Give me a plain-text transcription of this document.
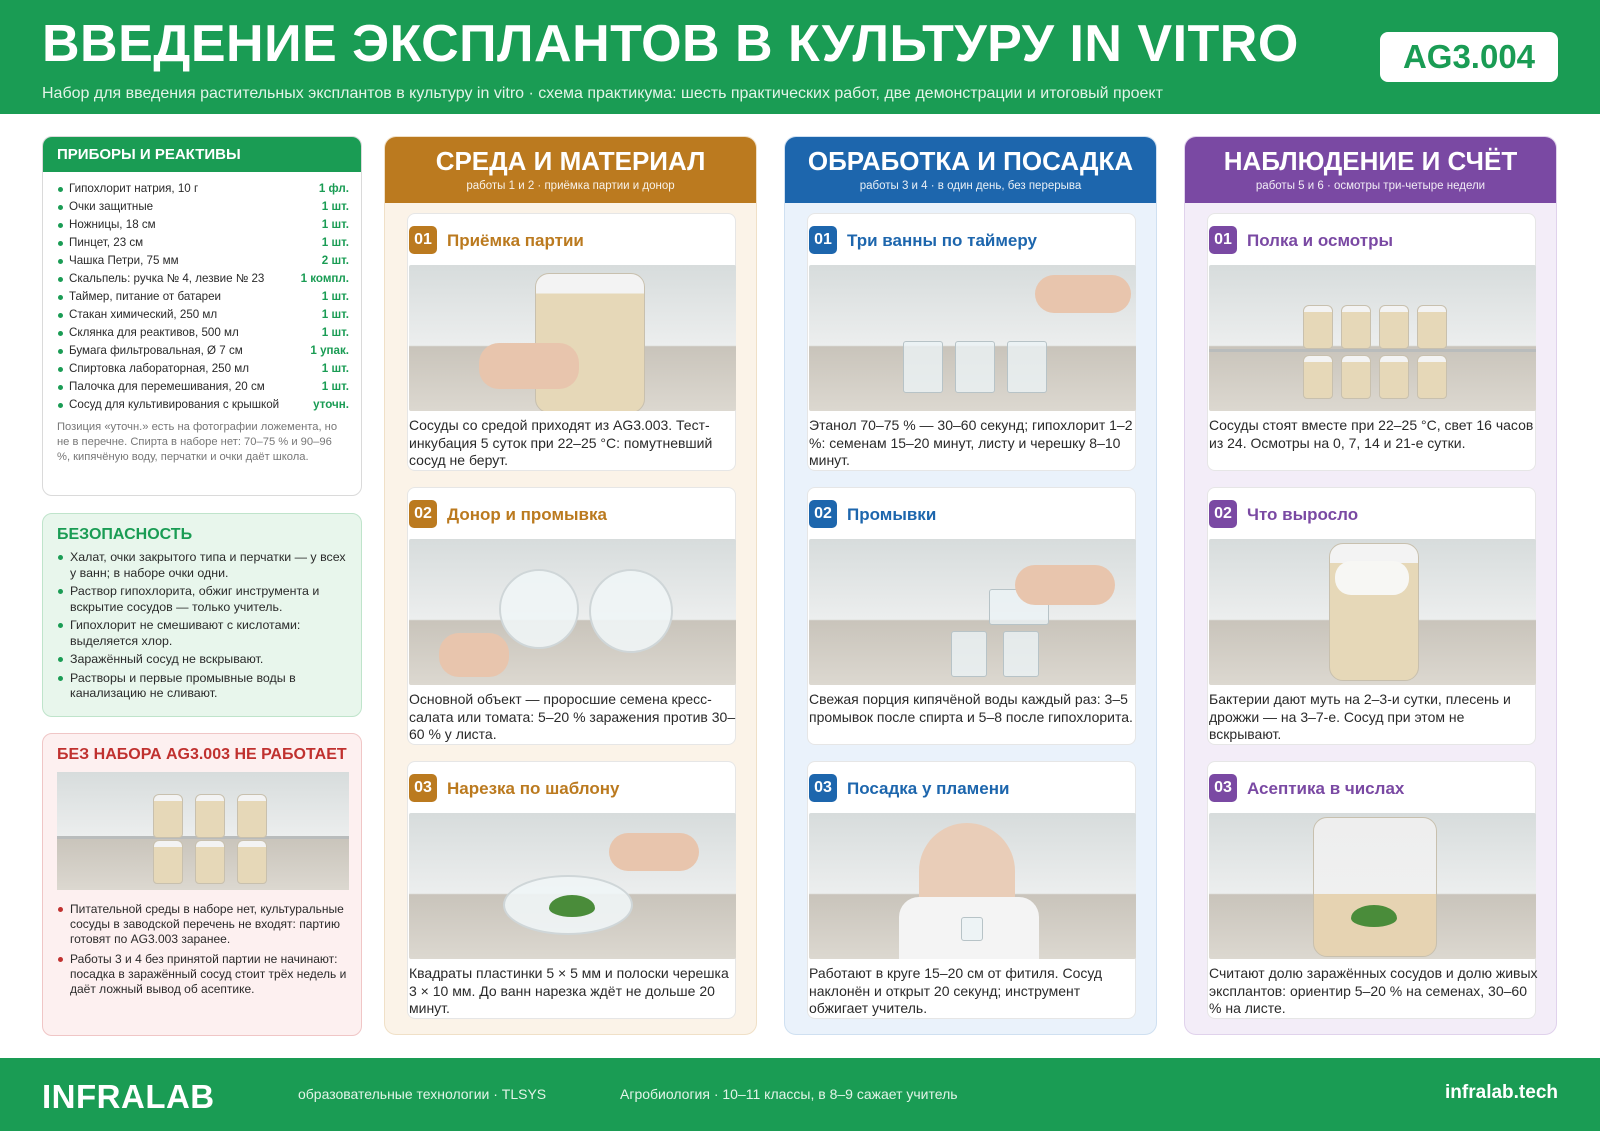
ВВЕДЕНИЕ ЭКСПЛАНТОВ В КУЛЬТУРУ IN VITRO
Набор для введения растительных эксплантов в культуру in vitro · схема практикума: шесть практических работ, две демонстрации и итоговый проект
AG3.004
ПРИБОРЫ И РЕАКТИВЫ
Гипохлорит натрия, 10 г	1 фл.
Очки защитные	1 шт.
Ножницы, 18 см	1 шт.
Пинцет, 23 см	1 шт.
Чашка Петри, 75 мм	2 шт.
Скальпель: ручка № 4, лезвие № 23	1 компл.
Таймер, питание от батареи	1 шт.
Стакан химический, 250 мл	1 шт.
Склянка для реактивов, 500 мл	1 шт.
Бумага фильтровальная, Ø 7 см	1 упак.
Спиртовка лабораторная, 250 мл	1 шт.
Палочка для перемешивания, 20 см	1 шт.
Сосуд для культивирования с крышкой	уточн.
Позиция «уточн.» есть на фотографии ложемента, но не в перечне. Спирта в наборе нет: 70–75 % и 90–96 %, кипячёную воду, перчатки и очки даёт школа.
БЕЗОПАСНОСТЬ
Халат, очки закрытого типа и перчатки — у всех у ванн; в наборе очки одни.
Раствор гипохлорита, обжиг инструмента и вскрытие сосудов — только учитель.
Гипохлорит не смешивают с кислотами: выделяется хлор.
Заражённый сосуд не вскрывают.
Растворы и первые промывные воды в канализацию не сливают.
БЕЗ НАБОРА AG3.003 НЕ РАБОТАЕТ
Питательной среды в наборе нет, культуральные сосуды в заводской перечень не входят: партию готовят по AG3.003 заранее.
Работы 3 и 4 без принятой партии не начинают: посадка в заражённый сосуд стоит трёх недель и даёт ложный вывод об асептике.
СРЕДА И МАТЕРИАЛ
работы 1 и 2 · приёмка партии и донор
01 Приёмка партии
Сосуды со средой приходят из AG3.003. Тест-инкубация 5 суток при 22–25 °С: помутневший сосуд не берут.
02 Донор и промывка
Основной объект — проросшие семена кресс-салата или томата: 5–20 % заражения против 30–60 % у листа.
03 Нарезка по шаблону
Квадраты пластинки 5 × 5 мм и полоски черешка 3 × 10 мм. До ванн нарезка ждёт не дольше 20 минут.
ОБРАБОТКА И ПОСАДКА
работы 3 и 4 · в один день, без перерыва
01 Три ванны по таймеру
Этанол 70–75 % — 30–60 секунд; гипохлорит 1–2 %: семенам 15–20 минут, листу и черешку 8–10 минут.
02 Промывки
Свежая порция кипячёной воды каждый раз: 3–5 промывок после спирта и 5–8 после гипохлорита.
03 Посадка у пламени
Работают в круге 15–20 см от фитиля. Сосуд наклонён и открыт 20 секунд; инструмент обжигает учитель.
НАБЛЮДЕНИЕ И СЧЁТ
работы 5 и 6 · осмотры три-четыре недели
01 Полка и осмотры
Сосуды стоят вместе при 22–25 °С, свет 16 часов из 24. Осмотры на 0, 7, 14 и 21-е сутки.
02 Что выросло
Бактерии дают муть на 2–3-и сутки, плесень и дрожжи — на 3–7-е. Сосуд при этом не вскрывают.
03 Асептика в числах
Считают долю заражённых сосудов и долю живых эксплантов: ориентир 5–20 % на семенах, 30–60 % на листе.
INFRALAB	образовательные технологии · TLSYS	Агробиология · 10–11 классы, в 8–9 сажает учитель	infralab.tech
